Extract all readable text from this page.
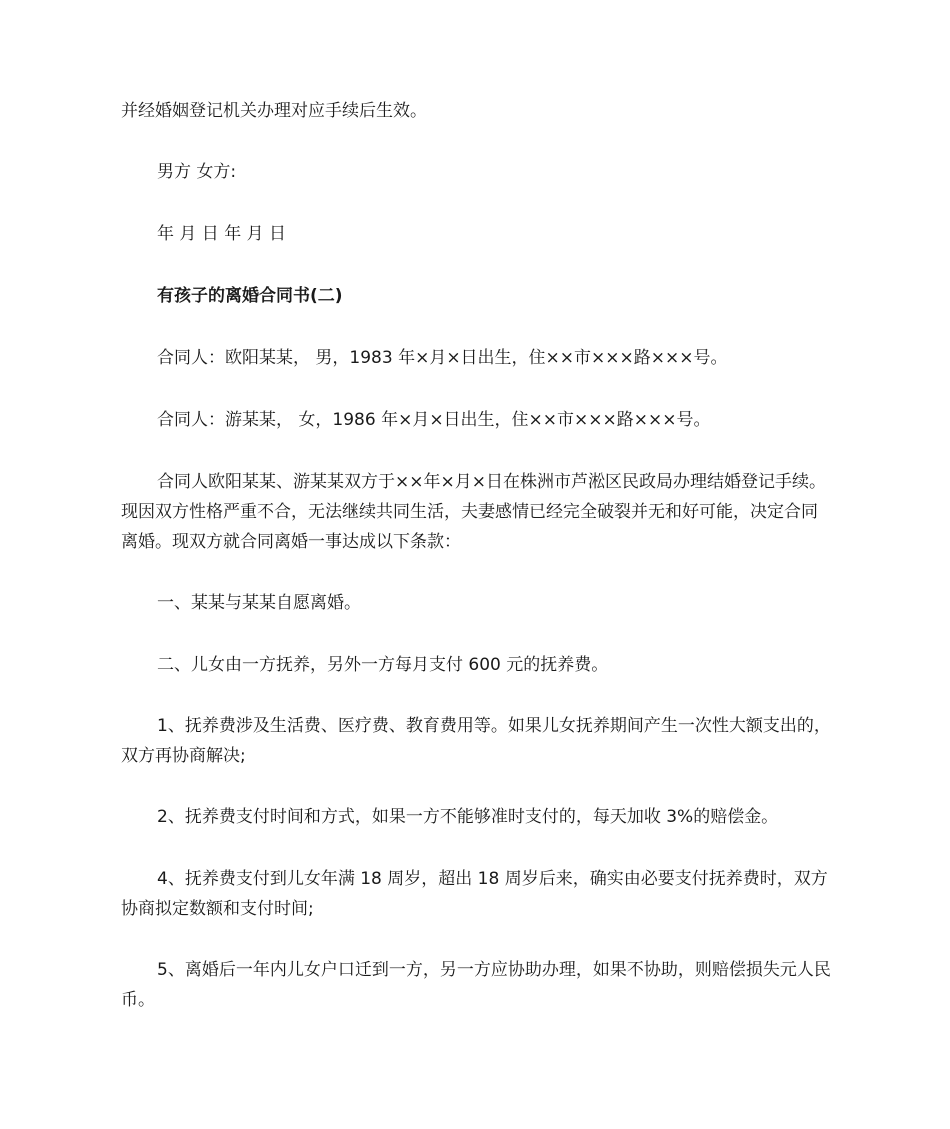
并经婚姻登记机关办理对应手续后生效。

男方 女方:

年 月 日 年 月 日

有孩子的离婚合同书(二)

合同人：欧阳某某， 男，1983 年×月×日出生，住××市×××路×××号。

合同人：游某某， 女，1986 年×月×日出生，住××市×××路×××号。

合同人欧阳某某、游某某双方于××年×月×日在株洲市芦淞区民政局办理结婚登记手续。现因双方性格严重不合，无法继续共同生活，夫妻感情已经完全破裂并无和好可能，决定合同离婚。现双方就合同离婚一事达成以下条款：

一、某某与某某自愿离婚。

二、儿女由一方抚养，另外一方每月支付 600 元的抚养费。

1、抚养费涉及生活费、医疗费、教育费用等。如果儿女抚养期间产生一次性大额支出的，双方再协商解决;

2、抚养费支付时间和方式，如果一方不能够准时支付的，每天加收 3%的赔偿金。

4、抚养费支付到儿女年满 18 周岁，超出 18 周岁后来，确实由必要支付抚养费时，双方协商拟定数额和支付时间;

5、离婚后一年内儿女户口迁到一方，另一方应协助办理，如果不协助，则赔偿损失元人民币。
